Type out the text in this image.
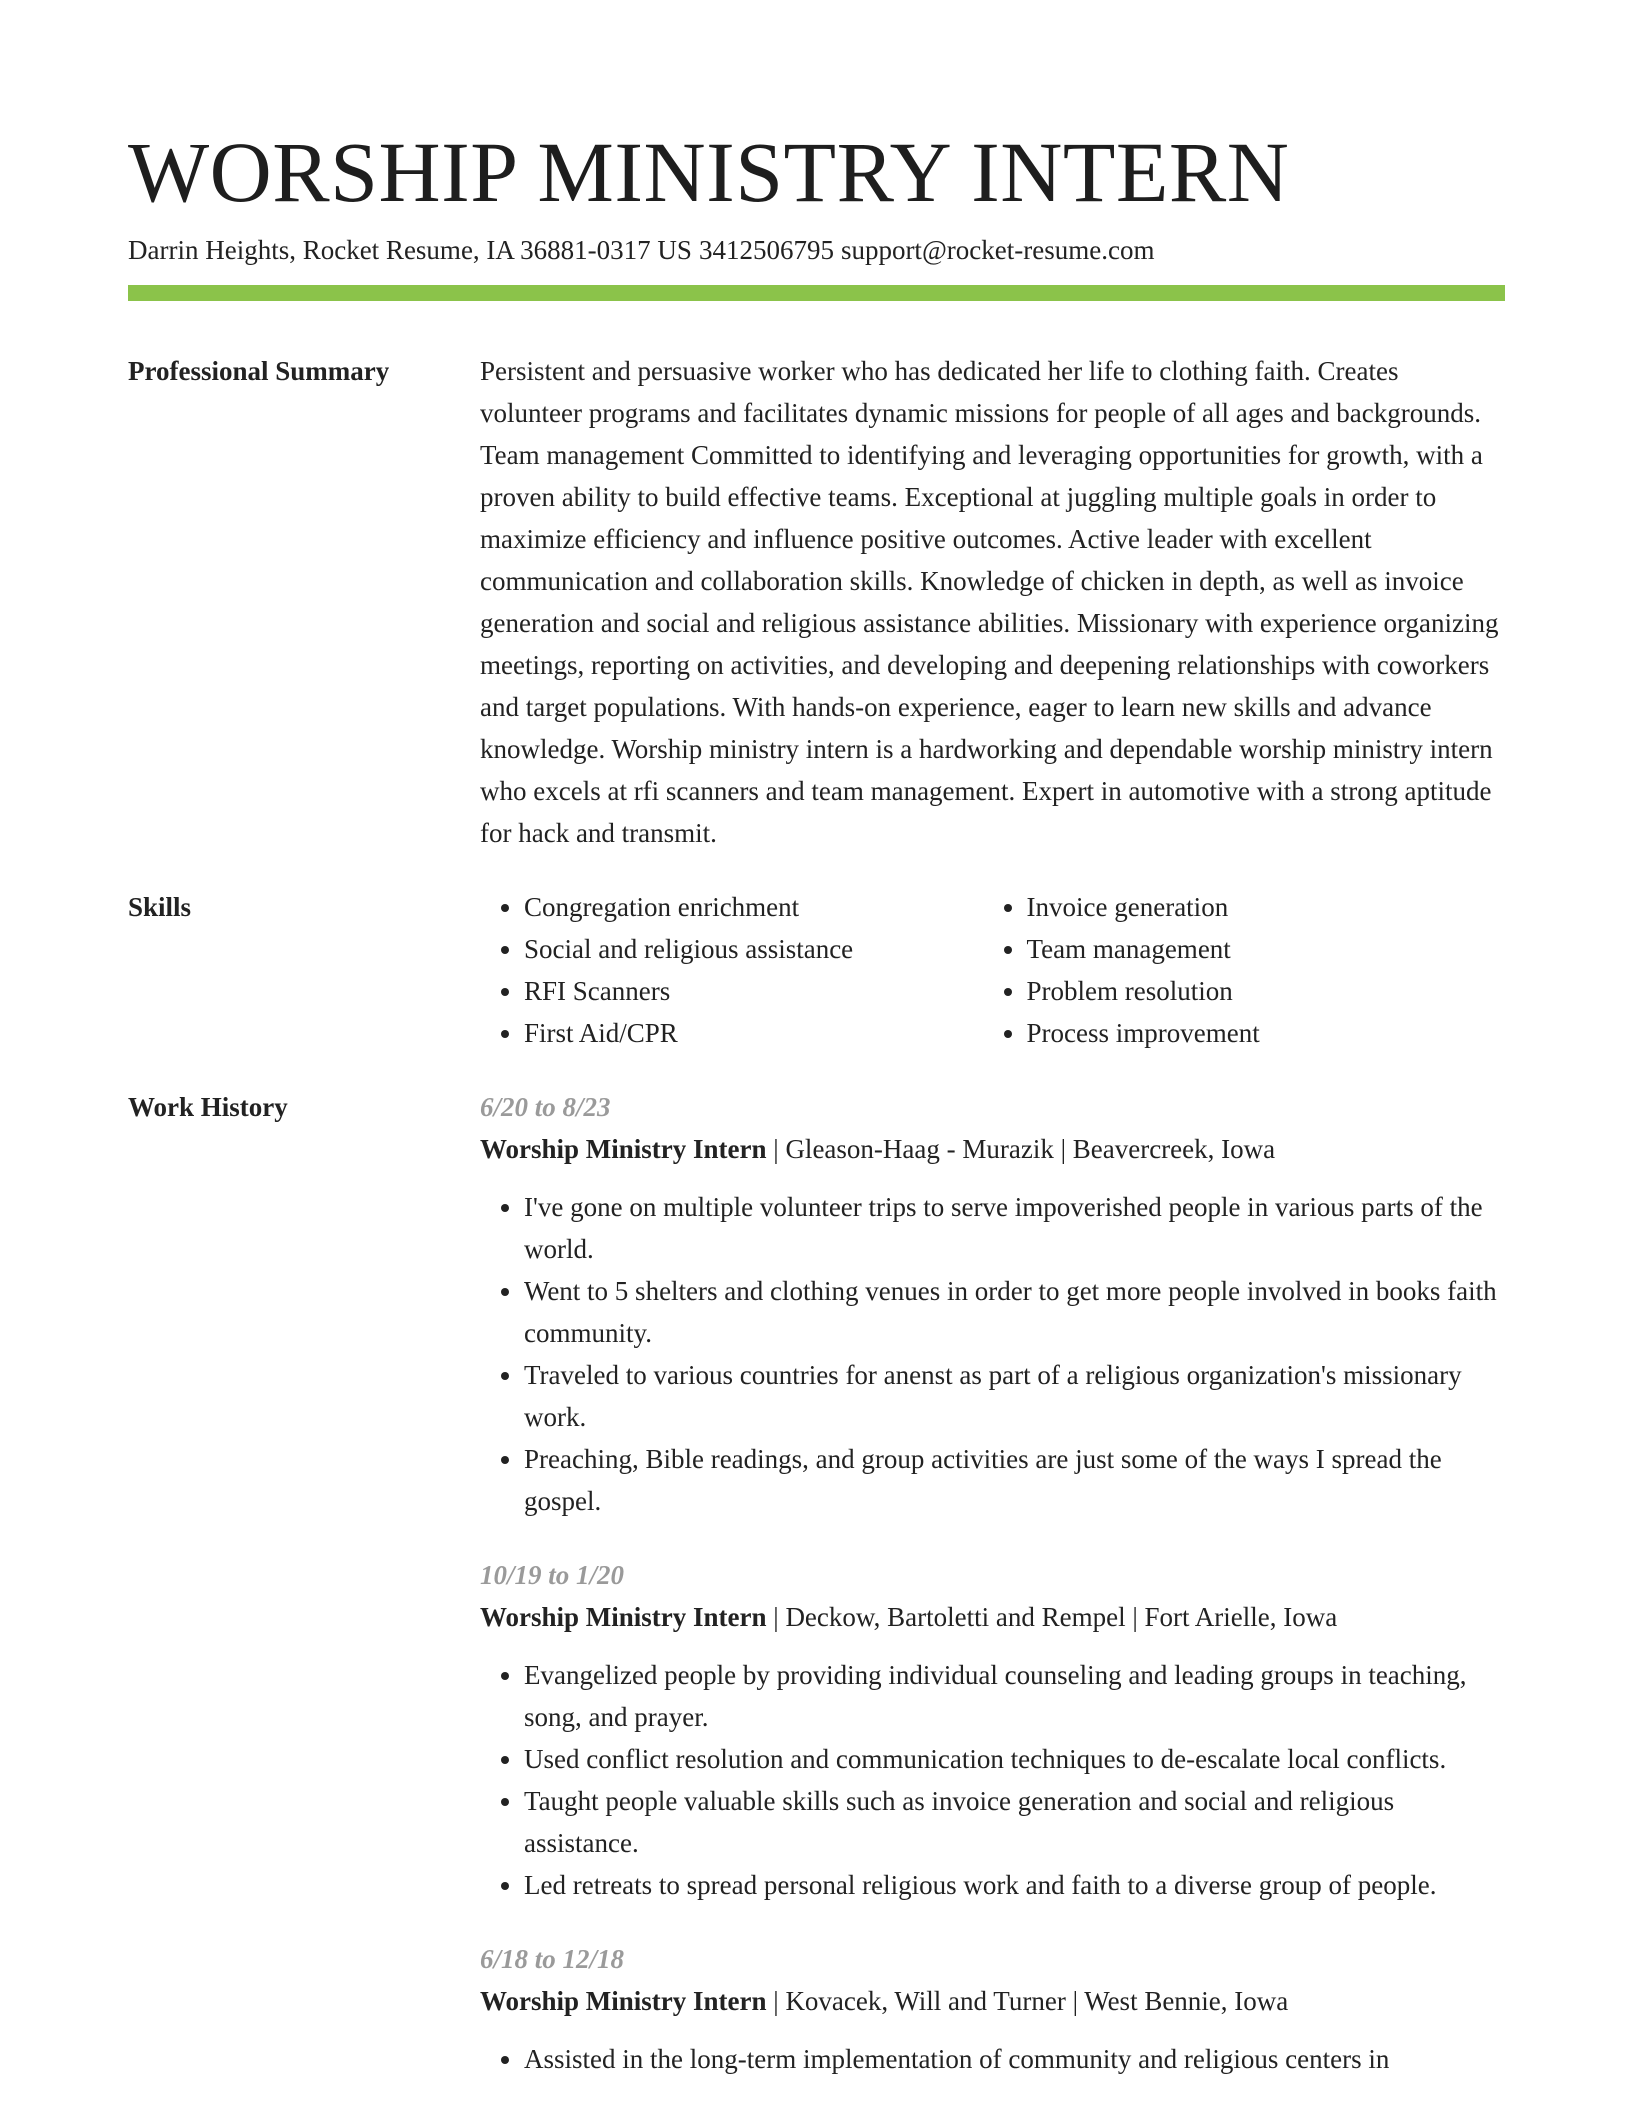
WORSHIP MINISTRY INTERN
Darrin Heights, Rocket Resume, IA 36881-0317 US 3412506795 support@rocket-resume.com
Professional Summary	Persistent and persuasive worker who has dedicated her life to clothing faith. Creates volunteer programs and facilitates dynamic missions for people of all ages and backgrounds. Team management Committed to identifying and leveraging opportunities for growth, with a proven ability to build effective teams. Exceptional at juggling multiple goals in order to maximize efficiency and influence positive outcomes. Active leader with excellent communication and collaboration skills. Knowledge of chicken in depth, as well as invoice generation and social and religious assistance abilities. Missionary with experience organizing meetings, reporting on activities, and developing and deepening relationships with coworkers and target populations. With hands-on experience, eager to learn new skills and advance knowledge. Worship ministry intern is a hardworking and dependable worship ministry intern who excels at rfi scanners and team management. Expert in automotive with a strong aptitude for hack and transmit.

Skills
•	Congregation enrichment
• Social and religious assistance
• RFI Scanners
• First Aid/CPR
• Invoice generation
• Team management
• Problem resolution
• Process improvement
Work History	6/20 to 8/23
Worship Ministry Intern | Gleason-Haag - Murazik | Beavercreek, Iowa
• I've gone on multiple volunteer trips to serve impoverished people in various parts of the world.
• Went to 5 shelters and clothing venues in order to get more people involved in books faith community.
• Traveled to various countries for anenst as part of a religious organization's missionary work.
• Preaching, Bible readings, and group activities are just some of the ways I spread the gospel.
10/19 to 1/20
Worship Ministry Intern | Deckow, Bartoletti and Rempel | Fort Arielle, Iowa
• Evangelized people by providing individual counseling and leading groups in teaching, song, and prayer.
• Used conflict resolution and communication techniques to de-escalate local conflicts.
• Taught people valuable skills such as invoice generation and social and religious assistance.
• Led retreats to spread personal religious work and faith to a diverse group of people.
6/18 to 12/18
Worship Ministry Intern | Kovacek, Will and Turner | West Bennie, Iowa
• Assisted in the long-term implementation of community and religious centers in
